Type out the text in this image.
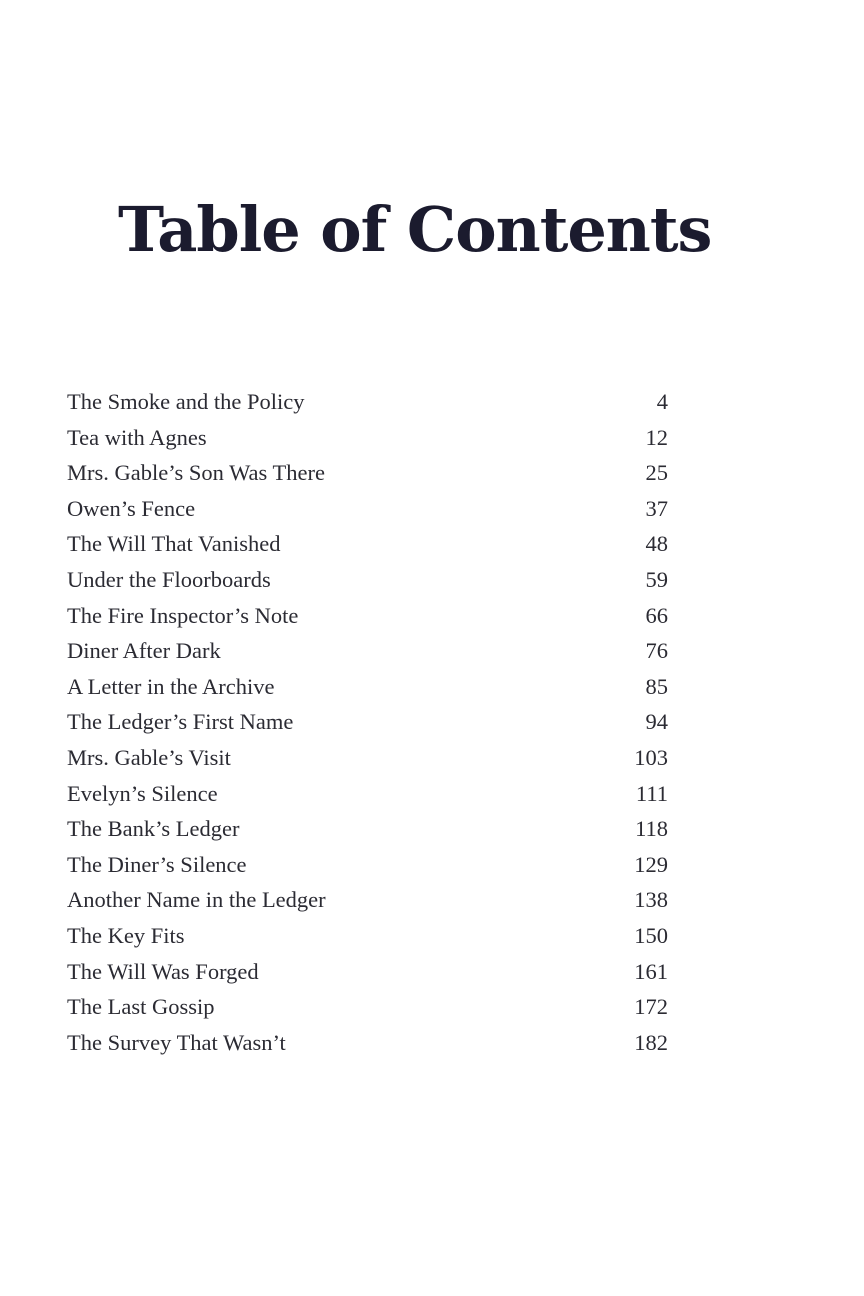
Table of Contents
The Smoke and the Policy	4
Tea with Agnes	12
Mrs. Gable’s Son Was There	25
Owen’s Fence	37
The Will That Vanished	48
Under the Floorboards	59
The Fire Inspector’s Note	66
Diner After Dark	76
A Letter in the Archive	85
The Ledger’s First Name	94
Mrs. Gable’s Visit	103
Evelyn’s Silence	111
The Bank’s Ledger	118
The Diner’s Silence	129
Another Name in the Ledger	138
The Key Fits	150
The Will Was Forged	161
The Last Gossip	172
The Survey That Wasn’t	182
